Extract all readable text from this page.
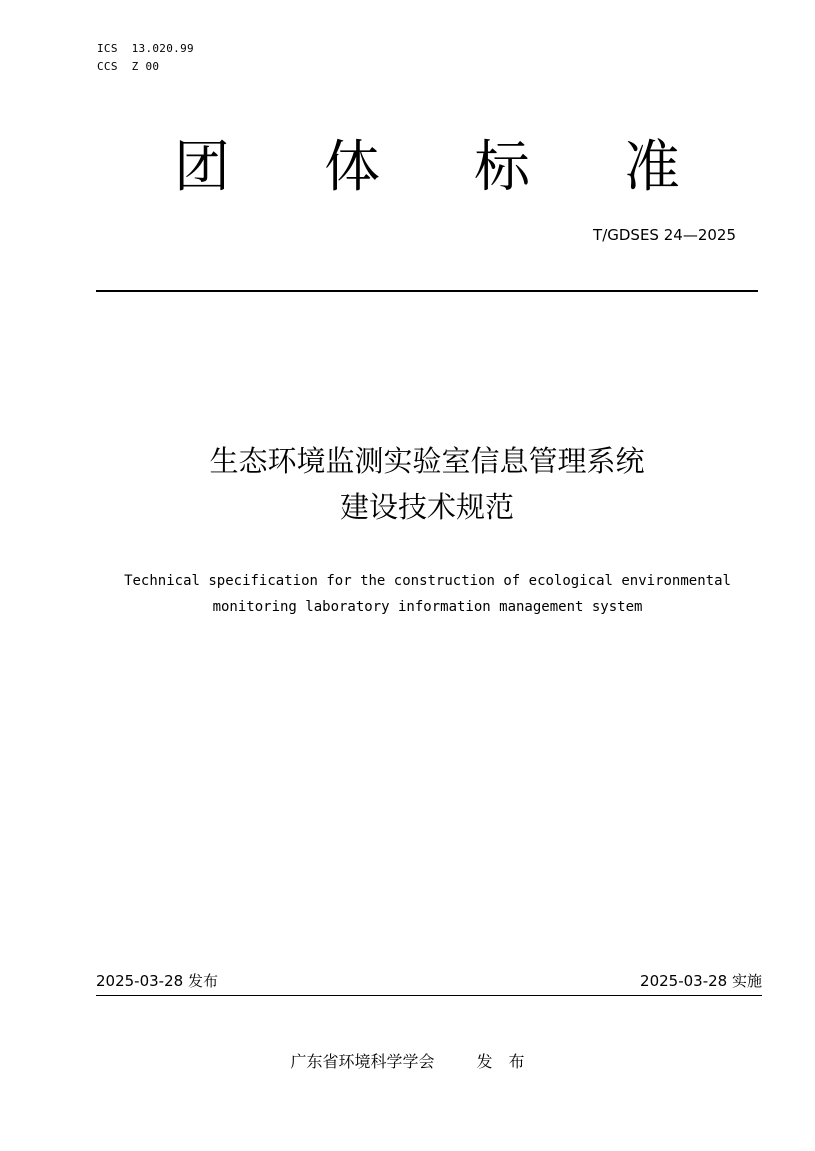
ICS  13.020.99
CCS  Z 00
团 体 标 准
T/GDSES 24—2025
生态环境监测实验室信息管理系统
建设技术规范
Technical specification for the construction of ecological environmental
monitoring laboratory information management system
2025-03-28 发布	2025-03-28 实施
广东省环境科学学会	发　布
